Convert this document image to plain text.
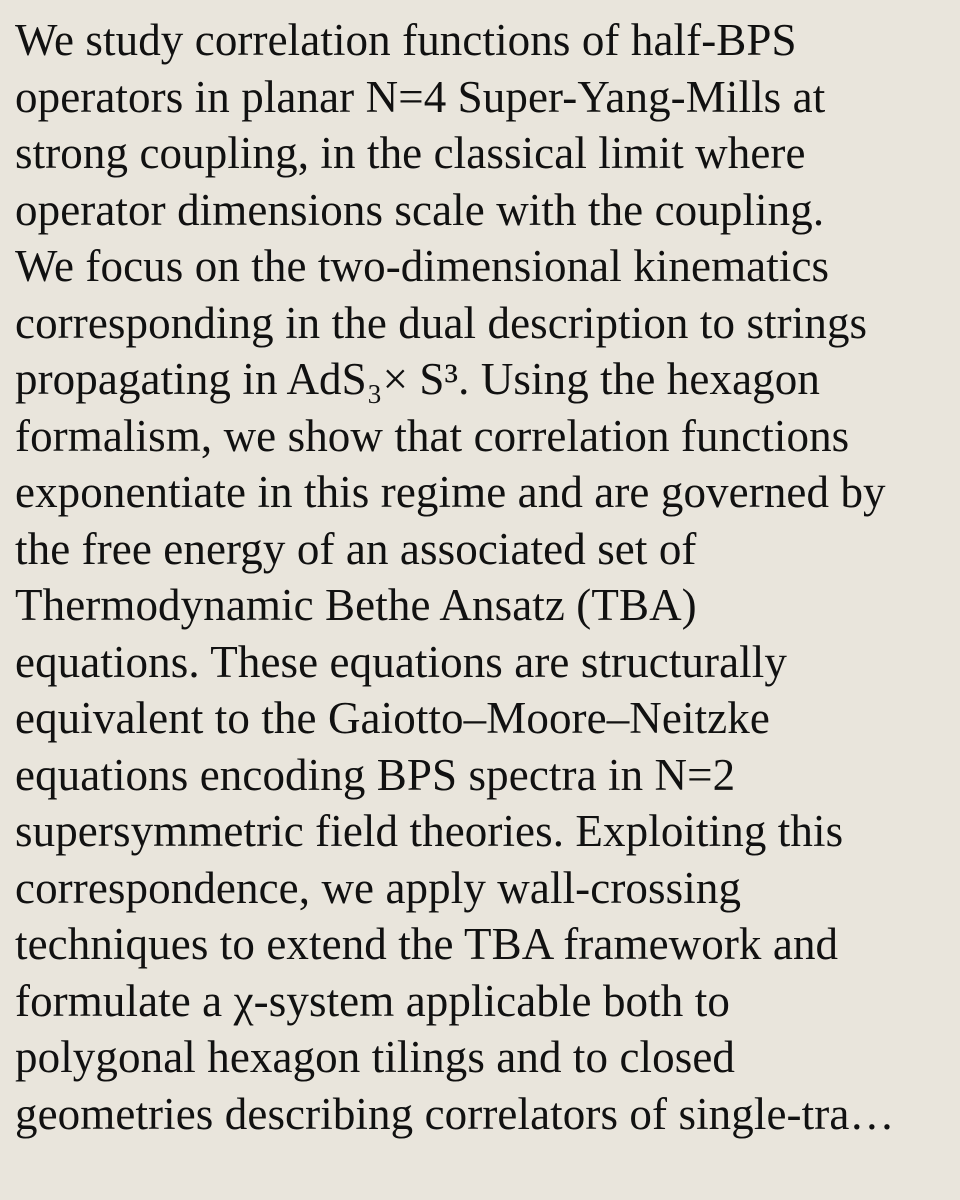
We study correlation functions of half-BPS
operators in planar N=4 Super-Yang-Mills at
strong coupling, in the classical limit where
operator dimensions scale with the coupling.
We focus on the two-dimensional kinematics
corresponding in the dual description to strings
propagating in AdS₃× S³. Using the hexagon
formalism, we show that correlation functions
exponentiate in this regime and are governed by
the free energy of an associated set of
Thermodynamic Bethe Ansatz (TBA)
equations. These equations are structurally
equivalent to the Gaiotto–Moore–Neitzke
equations encoding BPS spectra in N=2
supersymmetric field theories. Exploiting this
correspondence, we apply wall-crossing
techniques to extend the TBA framework and
formulate a χ-system applicable both to
polygonal hexagon tilings and to closed
geometries describing correlators of single-tra…
